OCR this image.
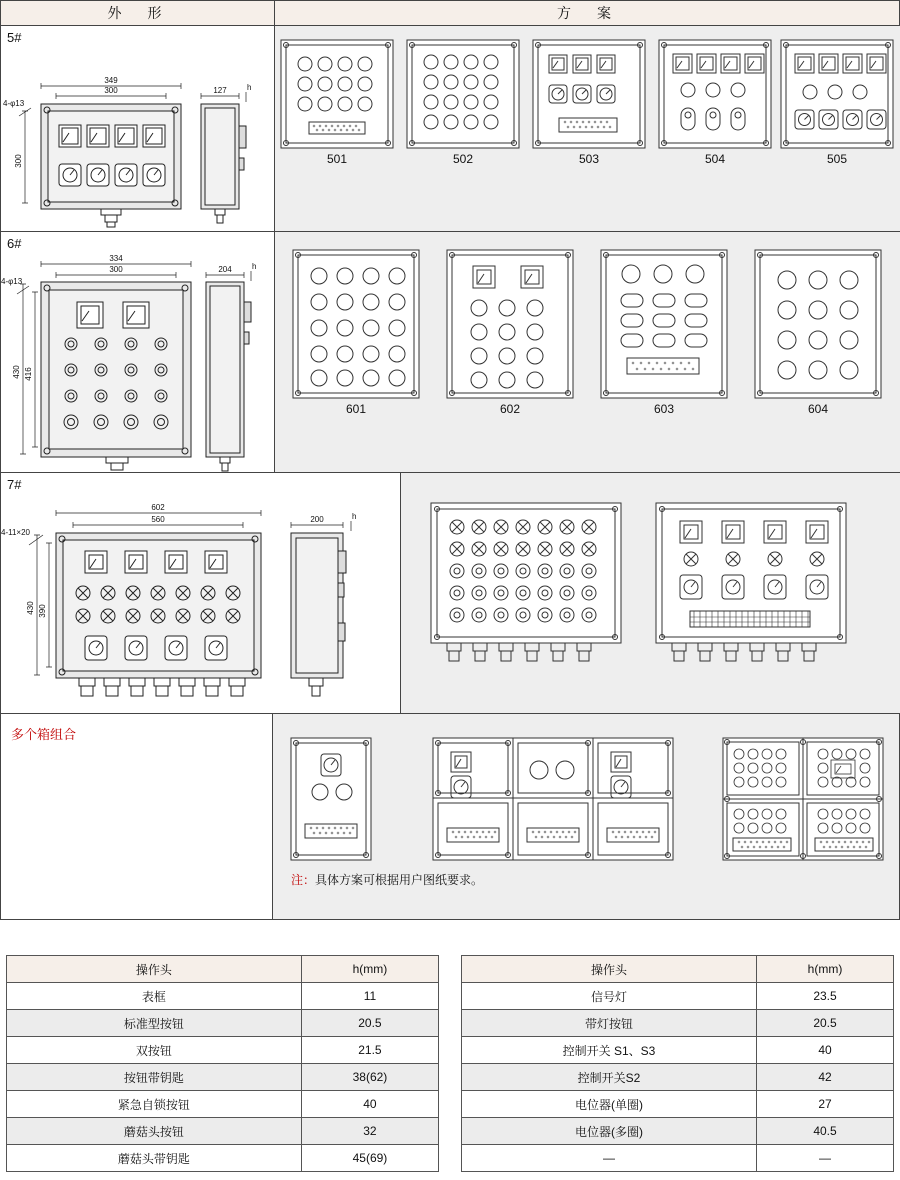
外　形	方　案
5#
349
300	127	h
300
4-φ13
501	502	503	504	505
6#
334
300	204	h
430 416
4-φ13
601	602	603	604
7#
602
560	200	h
430 390
4-11×20
多个箱组合
注：具体方案可根据用户图纸要求。
操作头	h(mm)
表框	11
标准型按钮	20.5
双按钮	21.5
按钮带钥匙	38(62)
紧急自锁按钮	40
蘑菇头按钮	32
蘑菇头带钥匙	45(69)
操作头	h(mm)
信号灯	23.5
带灯按钮	20.5
控制开关 S1、S3	40
控制开关S2	42
电位器(单圈)	27
电位器(多圈)	40.5
—	—
